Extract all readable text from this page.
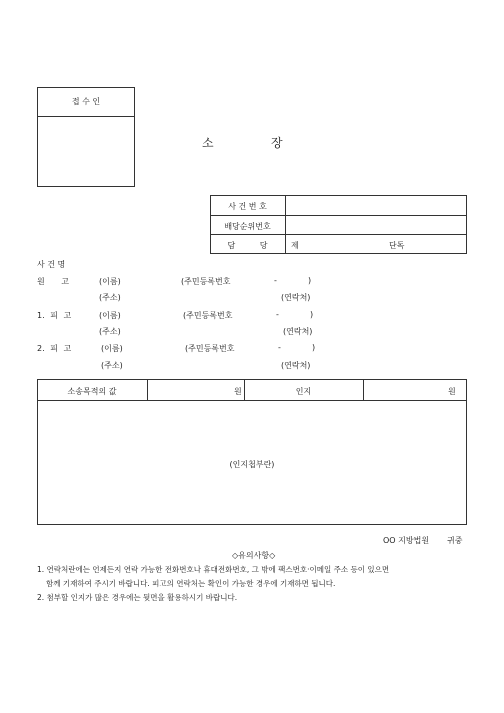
접 수 인
소	장
사 건 번 호
배당순위번호
담 당	제	단독
사 건 명
원 고	(이름)	(주민등록번호	-	)
(주소)	(연락처)
1. 피 고	(이름)	(주민등록번호	-	)
(주소)	(연락처)
2. 피 고	(이름)	(주민등록번호	-	)
(주소)	(연락처)
소송목적의 값	원	인지	원
(인지첩부란)
OO 지방법원 귀중
◇유의사항◇
1. 연락처란에는 언제든지 연락 가능한 전화번호나 휴대전화번호, 그 밖에 팩스번호·이메일 주소 등이 있으면
함께 기재하여 주시기 바랍니다. 피고의 연락처는 확인이 가능한 경우에 기재하면 됩니다.
2. 첨부할 인지가 많은 경우에는 뒷면을 활용하시기 바랍니다.
